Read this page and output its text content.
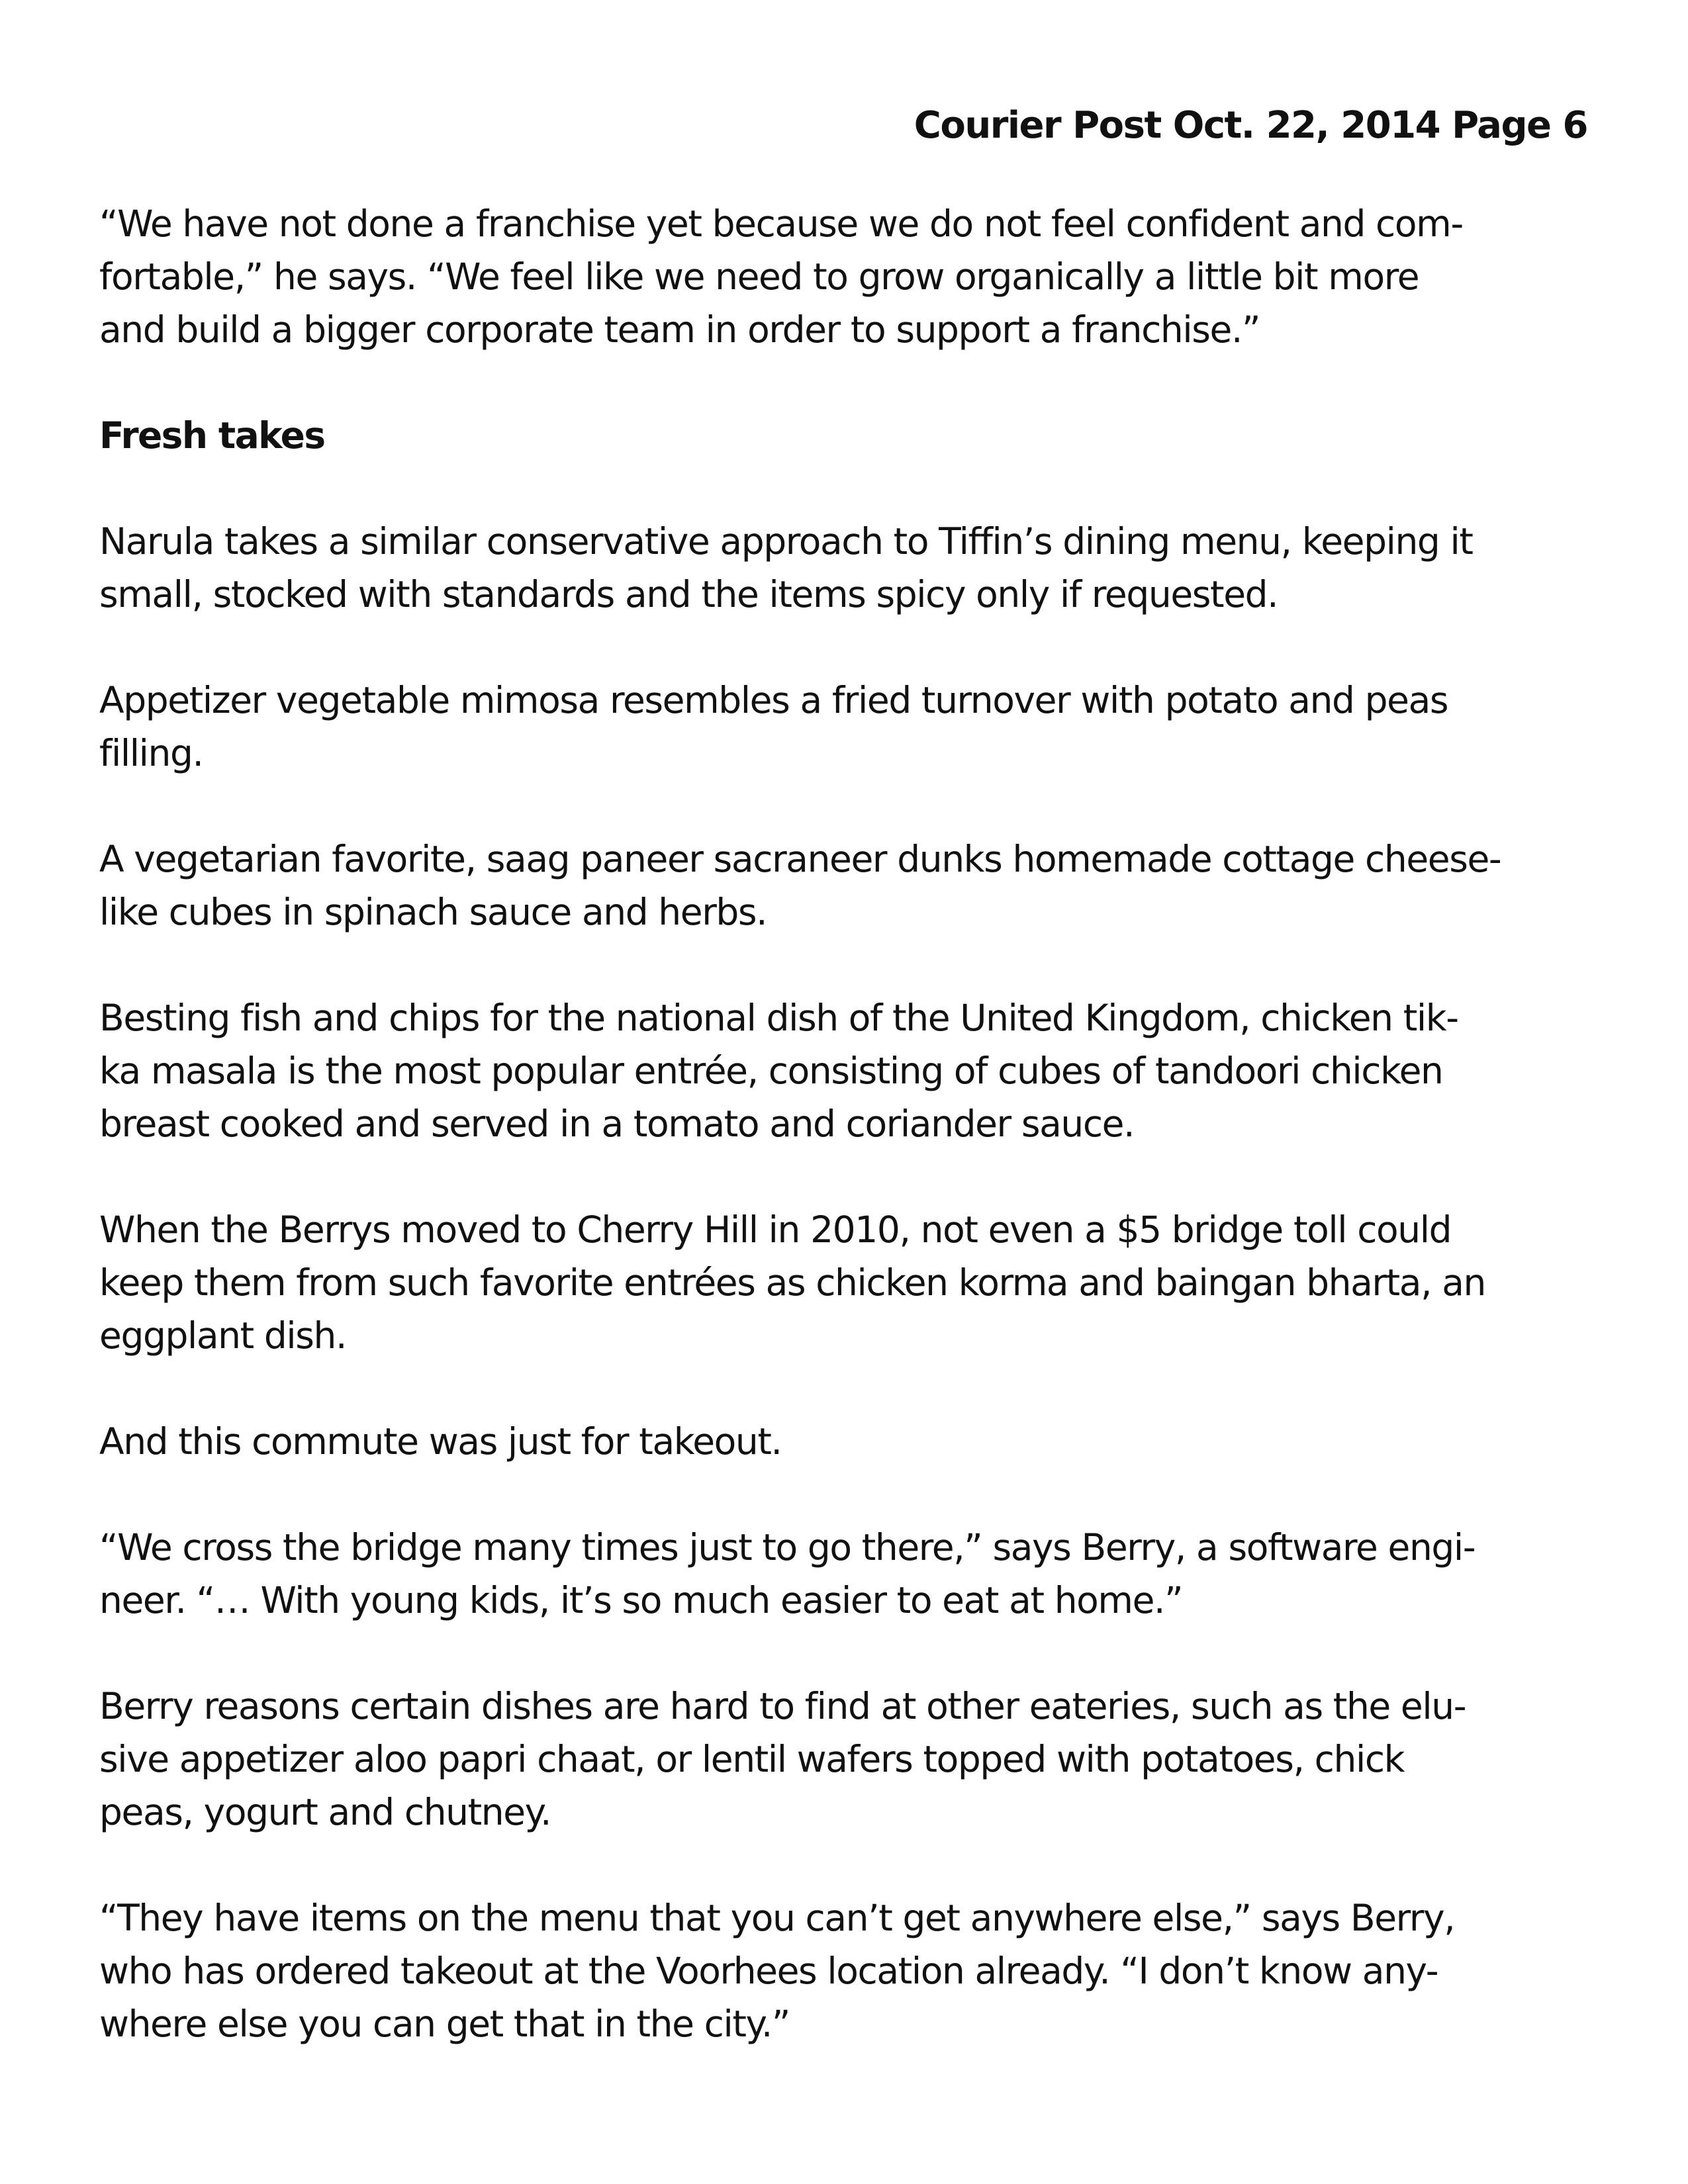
Courier Post Oct. 22, 2014 Page 6
“We have not done a franchise yet because we do not feel confident and com-
fortable,” he says. “We feel like we need to grow organically a little bit more
and build a bigger corporate team in order to support a franchise.”
Fresh takes
Narula takes a similar conservative approach to Tiffin’s dining menu, keeping it
small, stocked with standards and the items spicy only if requested.
Appetizer vegetable mimosa resembles a fried turnover with potato and peas
filling.
A vegetarian favorite, saag paneer sacraneer dunks homemade cottage cheese-
like cubes in spinach sauce and herbs.
Besting fish and chips for the national dish of the United Kingdom, chicken tik-
ka masala is the most popular entrée, consisting of cubes of tandoori chicken
breast cooked and served in a tomato and coriander sauce.
When the Berrys moved to Cherry Hill in 2010, not even a $5 bridge toll could
keep them from such favorite entrées as chicken korma and baingan bharta, an
eggplant dish.
And this commute was just for takeout.
“We cross the bridge many times just to go there,” says Berry, a software engi-
neer. “… With young kids, it’s so much easier to eat at home.”
Berry reasons certain dishes are hard to find at other eateries, such as the elu-
sive appetizer aloo papri chaat, or lentil wafers topped with potatoes, chick
peas, yogurt and chutney.
“They have items on the menu that you can’t get anywhere else,” says Berry,
who has ordered takeout at the Voorhees location already. “I don’t know any-
where else you can get that in the city.”
